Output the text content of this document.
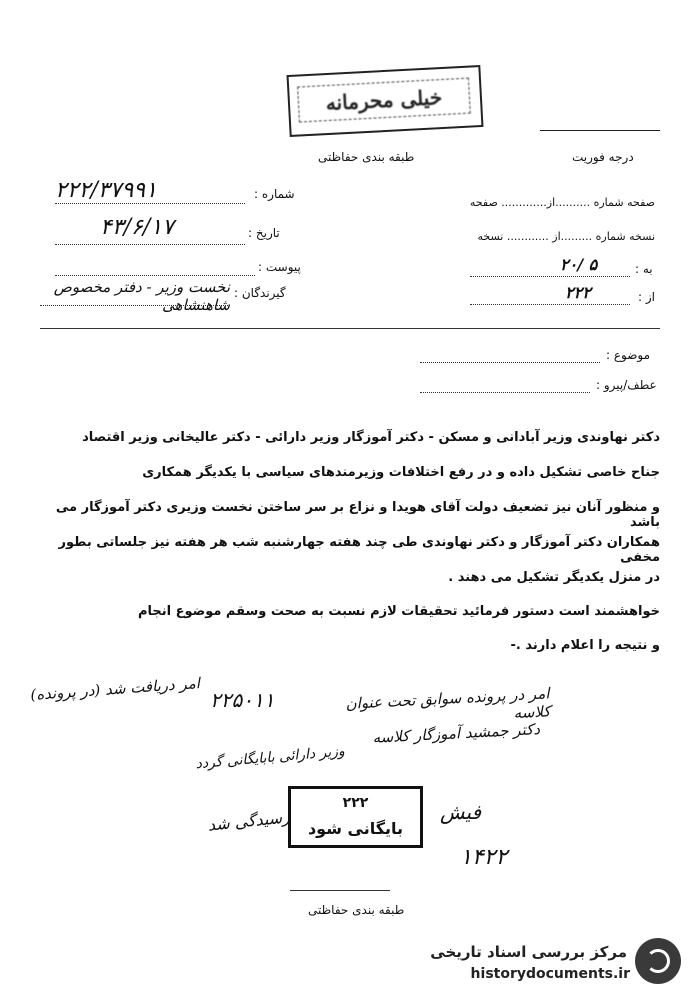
خیلی محرمانه
طبقه بندی حفاظتی	درجه فوریت
شماره :
۲۲۲/۳۷۹۹۱
تاریخ :
۴۳/۶/۱۷
پیوست :
گیرندگان :
نخست وزیر - دفتر مخصوص شاهنشاهی
صفحه شماره ..........از............. صفحه
نسخه شماره .........از ............ نسخه
به :
۲۰/ ۵
از :
۲۲۲
موضوع :
عطف/پیرو :
دکتر نهاوندی وزیر آبادانی و مسکن - دکتر آموزگار وزیر دارائی - دکتر عالیخانی وزیر اقتصاد
جناح خاصی تشکیل داده و در رفع اختلافات وزیرمندهای سیاسی با یکدیگر همکاری
و منظور آنان نیز تضعیف دولت آقای هویدا و نزاع بر سر ساختن نخست وزیری دکتر آموزگار می باشد
همکاران دکتر آموزگار و دکتر نهاوندی طی چند هفته جهارشنبه شب هر هفته نیز جلساتی بطور مخفی
در منزل یکدیگر تشکیل می دهند .
خواهشمند است دستور فرمائید تحقیقات لازم نسبت به صحت وسقم موضوع انجام
و نتیجه را اعلام دارند .-
۲۲۵۰۱۱
امر دریافت شد (در پرونده)	امر در پرونده سوابق تحت عنوان کلاسه
دکتر جمشید آموزگار کلاسه
وزیر دارائی بابایگانی گردد
رسیدگی شد	فیش
۱۴۲۲
۲۲۲
بایگانی شود
طبقه بندی حفاظتی
مرکز بررسی اسناد تاریخی
historydocuments.ir
